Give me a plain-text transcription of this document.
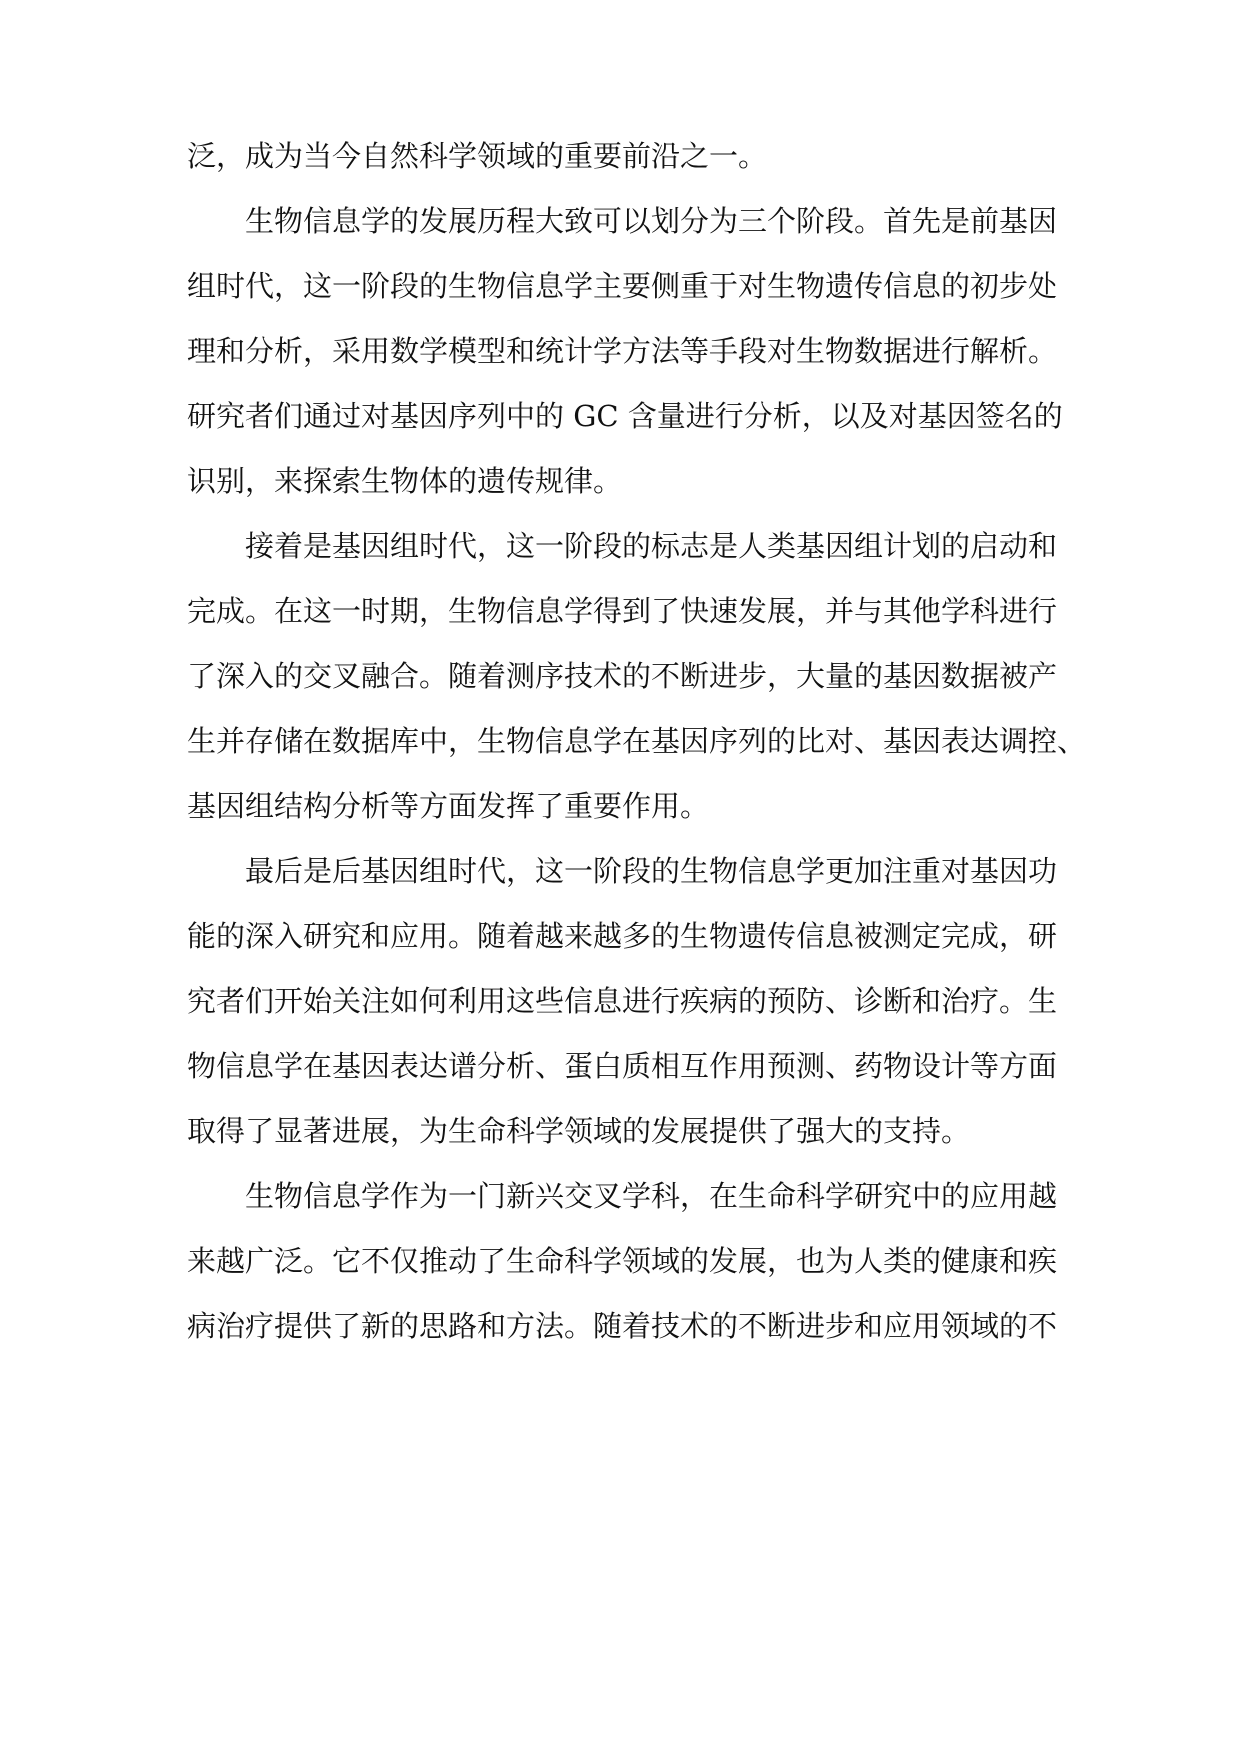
泛，成为当今自然科学领域的重要前沿之一。
生物信息学的发展历程大致可以划分为三个阶段。首先是前基因
组时代，这一阶段的生物信息学主要侧重于对生物遗传信息的初步处
理和分析，采用数学模型和统计学方法等手段对生物数据进行解析。
研究者们通过对基因序列中的 GC 含量进行分析，以及对基因签名的
识别，来探索生物体的遗传规律。
接着是基因组时代，这一阶段的标志是人类基因组计划的启动和
完成。在这一时期，生物信息学得到了快速发展，并与其他学科进行
了深入的交叉融合。随着测序技术的不断进步，大量的基因数据被产
生并存储在数据库中，生物信息学在基因序列的比对、基因表达调控、
基因组结构分析等方面发挥了重要作用。
最后是后基因组时代，这一阶段的生物信息学更加注重对基因功
能的深入研究和应用。随着越来越多的生物遗传信息被测定完成，研
究者们开始关注如何利用这些信息进行疾病的预防、诊断和治疗。生
物信息学在基因表达谱分析、蛋白质相互作用预测、药物设计等方面
取得了显著进展，为生命科学领域的发展提供了强大的支持。
生物信息学作为一门新兴交叉学科，在生命科学研究中的应用越
来越广泛。它不仅推动了生命科学领域的发展，也为人类的健康和疾
病治疗提供了新的思路和方法。随着技术的不断进步和应用领域的不
